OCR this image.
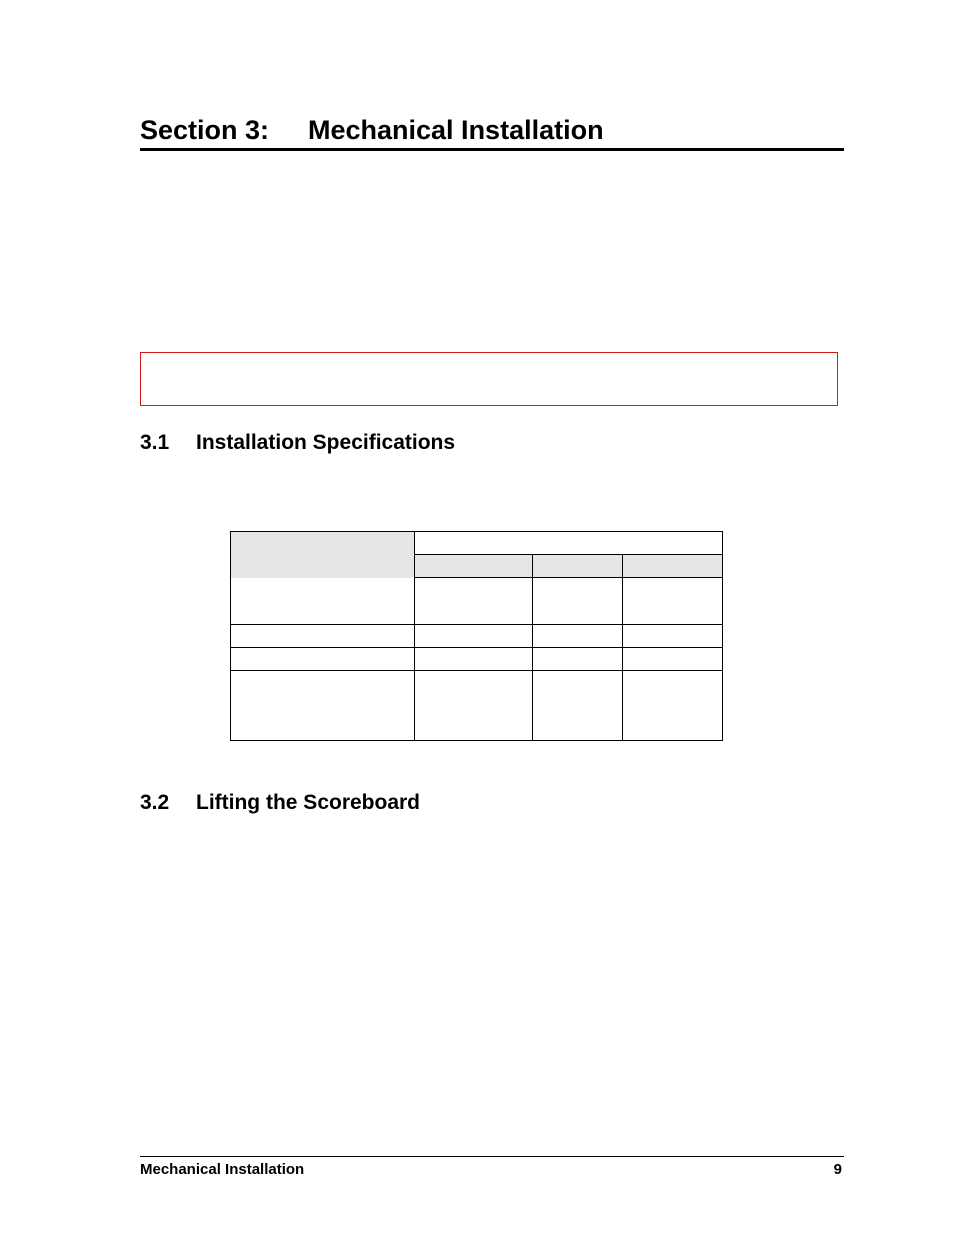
Section 3: Mechanical Installation
3.1 Installation Specifications

3.2 Lifting the Scoreboard
Mechanical Installation	9
